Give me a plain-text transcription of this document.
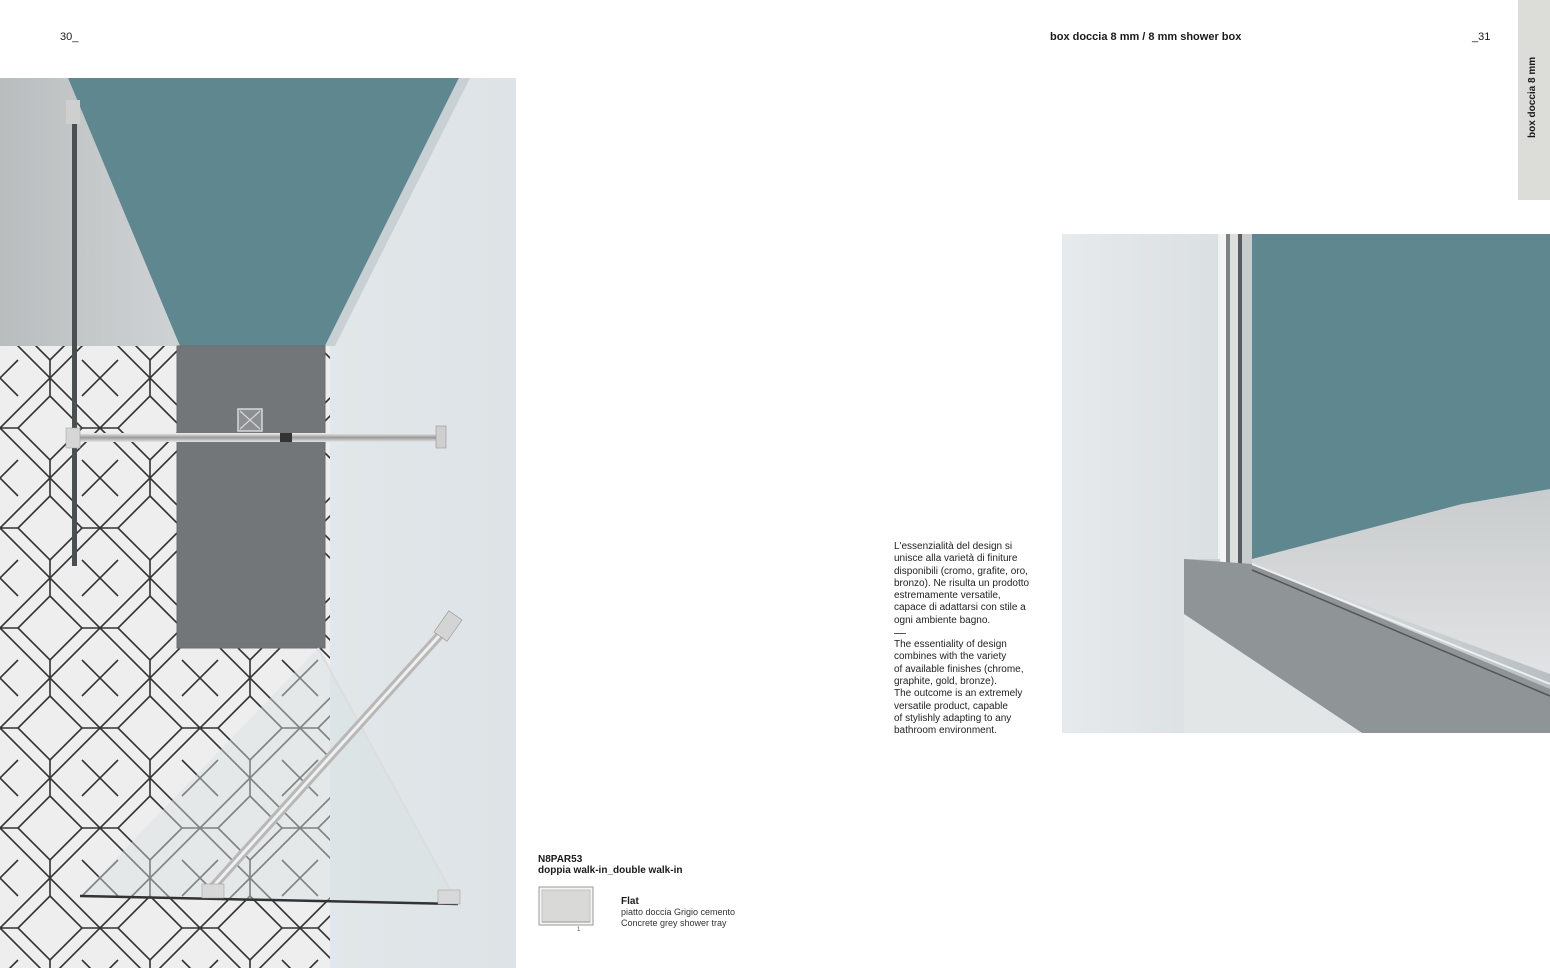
30_	box doccia 8 mm / 8 mm shower box	_31
box doccia 8 mm

L'essenzialità del design si

unisce alla varietà di finiture

disponibili (cromo, grafite, oro,

bronzo). Ne risulta un prodotto

estremamente versatile,

capace di adattarsi con stile a

ogni ambiente bagno.

The essentiality of design

combines with the variety

of available finishes (chrome,

graphite, gold, bronze).

The outcome is an extremely

versatile product, capable

of stylishly adapting to any

bathroom environment.

N8PAR53
doppia walk-in_double walk-in
1
Flat
piatto doccia Grigio cemento
Concrete grey shower tray
